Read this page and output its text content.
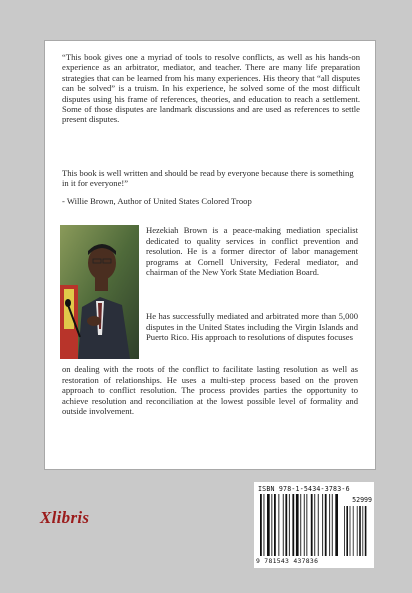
“This book gives one a myriad of tools to resolve conflicts, as well as his hands-on experience as an arbitrator, mediator, and teacher. There are many life preparation strategies that can be learned from his many experiences. His theory that “all disputes can be solved” is a truism. In his experience, he solved some of the most difficult disputes using his frame of references, theories, and education to reach a settlement. Some of those disputes are landmark discussions and are used as references to settle present disputes.

This book is well written and should be read by everyone because there is something in it for everyone!”

- Willie Brown, Author of United States Colored Troop

Hezekiah Brown is a peace-making mediation specialist dedicated to quality services in conflict prevention and resolution. He is a former director of labor management programs at Cornell University, Federal mediator, and chairman of the New York State Mediation Board.

He has successfully mediated and arbitrated more than 5,000 disputes in the United States including the Virgin Islands and Puerto Rico. His approach to resolutions of disputes focuses

on dealing with the roots of the conflict to facilitate lasting resolution as well as restoration of relationships. He uses a multi-step process based on the proven approach to conflict resolution. The process provides parties the opportunity to achieve resolution and reconciliation at the lowest possible level of formality and outside involvement.

Xlibris
ISBN 978-1-5434-3783-6
52999
9 781543 437836
